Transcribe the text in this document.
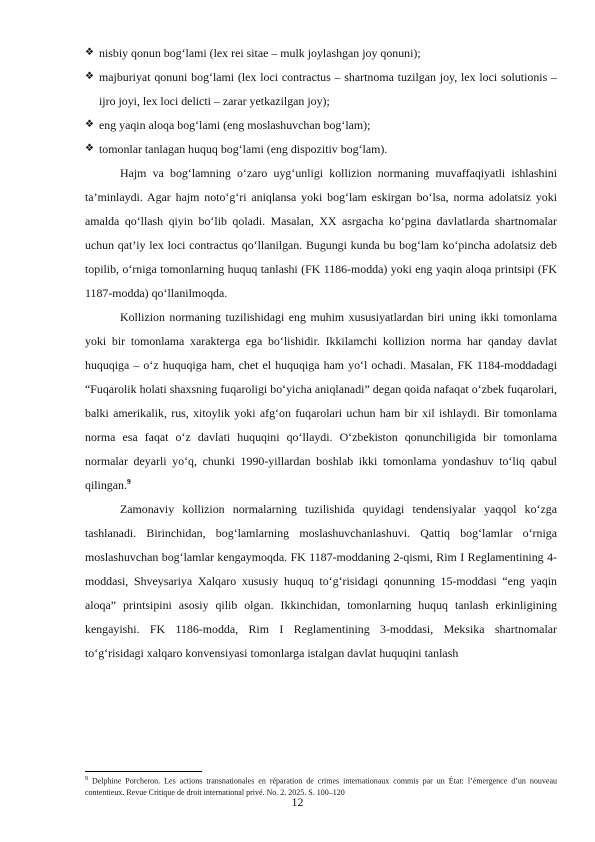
❖ nisbiy qonun bog‘lami (lex rei sitae – mulk joylashgan joy qonuni);
❖ majburiyat qonuni bog‘lami (lex loci contractus – shartnoma tuzilgan joy, lex loci solutionis – ijro joyi, lex loci delicti – zarar yetkazilgan joy);
❖ eng yaqin aloqa bog‘lami (eng moslashuvchan bog‘lam);
❖ tomonlar tanlagan huquq bog‘lami (eng dispozitiv bog‘lam).

Hajm va bog‘lamning o‘zaro uyg‘unligi kollizion normaning muvaffaqiyatli ishlashini ta’minlaydi. Agar hajm noto‘g‘ri aniqlansa yoki bog‘lam eskirgan bo‘lsa, norma adolatsiz yoki amalda qo‘llash qiyin bo‘lib qoladi. Masalan, XX asrgacha ko‘pgina davlatlarda shartnomalar uchun qat’iy lex loci contractus qo‘llanilgan. Bugungi kunda bu bog‘lam ko‘pincha adolatsiz deb topilib, o‘rniga tomonlarning huquq tanlashi (FK 1186-modda) yoki eng yaqin aloqa printsipi (FK 1187-modda) qo‘llanilmoqda.

Kollizion normaning tuzilishidagi eng muhim xususiyatlardan biri uning ikki tomonlama yoki bir tomonlama xarakterga ega bo‘lishidir. Ikkilamchi kollizion norma har qanday davlat huquqiga – o‘z huquqiga ham, chet el huquqiga ham yo‘l ochadi. Masalan, FK 1184-moddadagi “Fuqarolik holati shaxsning fuqaroligi bo‘yicha aniqlanadi” degan qoida nafaqat o‘zbek fuqarolari, balki amerikalik, rus, xitoylik yoki afg‘on fuqarolari uchun ham bir xil ishlaydi. Bir tomonlama norma esa faqat o‘z davlati huquqini qo‘llaydi. O‘zbekiston qonunchiligida bir tomonlama normalar deyarli yo‘q, chunki 1990-yillardan boshlab ikki tomonlama yondashuv to‘liq qabul qilingan.$^9$

Zamonaviy kollizion normalarning tuzilishida quyidagi tendensiyalar yaqqol ko‘zga tashlanadi. Birinchidan, bog‘lamlarning moslashuvchanlashuvi. Qattiq bog‘lamlar o‘rniga moslashuvchan bog‘lamlar kengaymoqda. FK 1187-moddaning 2-qismi, Rim I Reglamentining 4-moddasi, Shveysariya Xalqaro xususiy huquq to‘g‘risidagi qonunning 15-moddasi “eng yaqin aloqa” printsipini asosiy qilib olgan. Ikkinchidan, tomonlarning huquq tanlash erkinligining kengayishi. FK 1186-modda, Rim I Reglamentining 3-moddasi, Meksika shartnomalar to‘g‘risidagi xalqaro konvensiyasi tomonlarga istalgan davlat huquqini tanlash

$^9$ Delphine Porcheron. Les actions transnationales en réparation de crimes internationaux commis par un État: l’émergence d’un nouveau contentieux. Revue Critique de droit international privé. No. 2. 2025. S. 100–120
12
